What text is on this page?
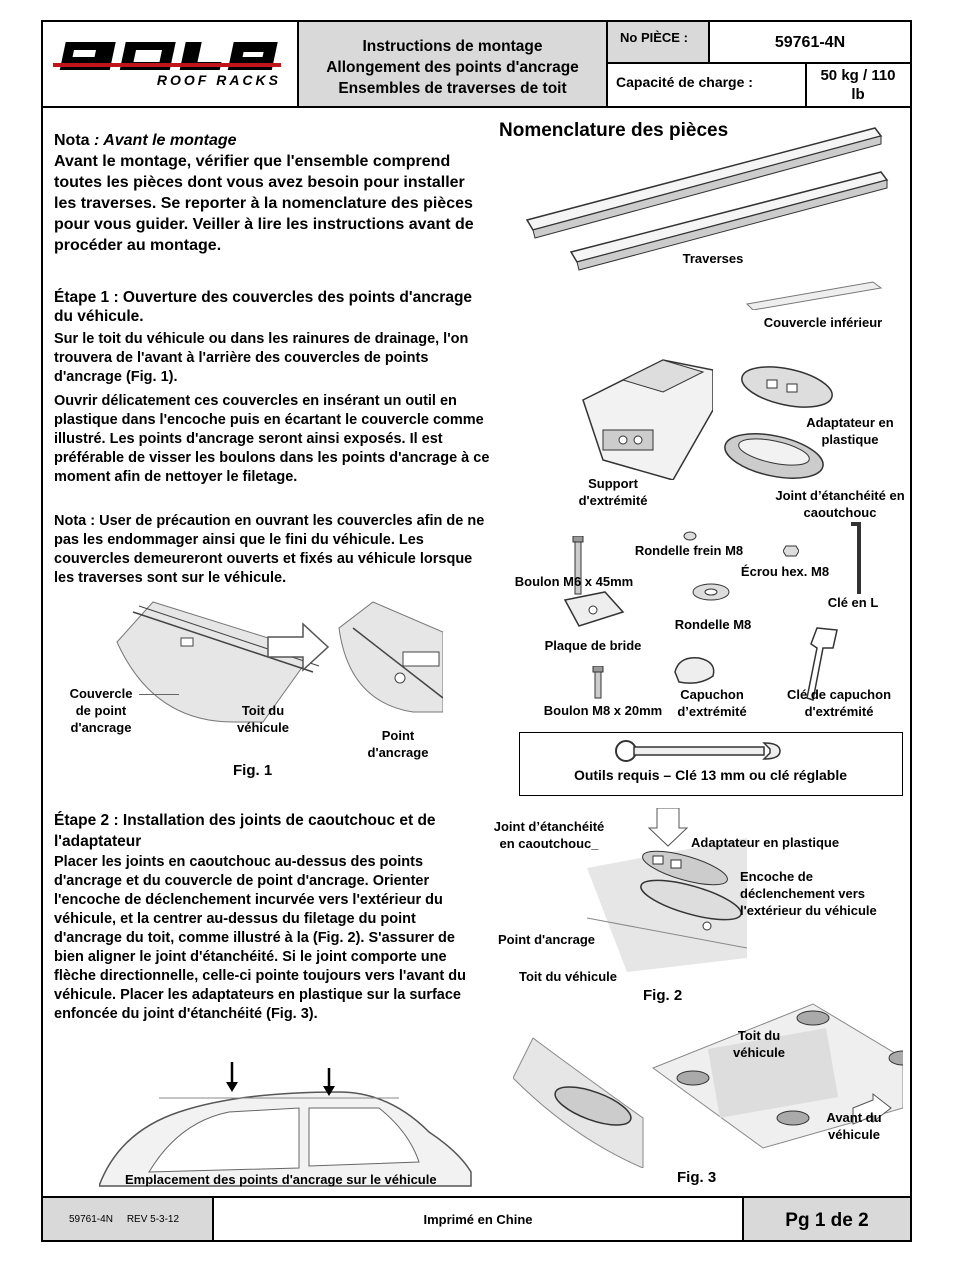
ROOF RACKS
Instructions de montage
Allongement des points d'ancrage
Ensembles de traverses de toit
No PIÈCE :	59761-4N
Capacité de charge :	50 kg / 110 lb
59761-4N     REV 5-3-12	Imprimé en Chine	Pg 1 de 2
Nota : Avant le montage
Avant le montage, vérifier que l'ensemble comprend toutes les pièces dont vous avez besoin pour installer les traverses. Se reporter à la nomenclature des pièces pour vous guider. Veiller à lire les instructions avant de procéder au montage.
Étape 1 : Ouverture des couvercles des points d'ancrage du véhicule.
Sur le toit du véhicule ou dans les rainures de drainage, l'on trouvera de l'avant à l'arrière des couvercles de points d'ancrage (Fig. 1).
Ouvrir délicatement ces couvercles en insérant un outil en plastique dans l'encoche puis en écartant le couvercle comme illustré. Les points d'ancrage seront ainsi exposés. Il est préférable de visser les boulons dans les points d'ancrage à ce moment afin de nettoyer le filetage.
Nota : User de précaution en ouvrant les couvercles afin de ne pas les endommager ainsi que le fini du véhicule. Les couvercles demeureront ouverts et fixés au véhicule lorsque les traverses sont sur le véhicule.
Couvercle de point d'ancrage
Toit du véhicule
Point d'ancrage
Fig. 1
Étape 2 : Installation des joints de caoutchouc et de l'adaptateur
Placer les joints en caoutchouc au-dessus des points d'ancrage et du couvercle de point d'ancrage. Orienter l'encoche de déclenchement incurvée vers l'extérieur du véhicule, et la centrer au-dessus du filetage du point d'ancrage du toit, comme illustré à la (Fig. 2). S'assurer de bien aligner le joint d'étanchéité. Si le joint comporte une flèche directionnelle, celle-ci pointe toujours vers l'avant du véhicule. Placer les adaptateurs en plastique sur la surface enfoncée du joint d'étanchéité (Fig. 3).
Emplacement des points d'ancrage sur le véhicule
Nomenclature des pièces
Traverses
Couvercle inférieur
Support d'extrémité
Adaptateur en plastique
Joint d’étanchéité en caoutchouc
Rondelle frein M8
Écrou hex. M8
Boulon M6 x 45mm
Clé en L
Rondelle M8
Plaque de bride
Capuchon d’extrémité
Clé de capuchon d'extrémité
Boulon M8 x 20mm
Outils requis – Clé 13 mm ou clé réglable
Joint d’étanchéité en caoutchouc_	Adaptateur en plastique
Encoche de déclenchement vers l'extérieur du véhicule
Point d'ancrage
Toit du véhicule
Fig. 2
Toit du véhicule
Avant du véhicule
Fig. 3
